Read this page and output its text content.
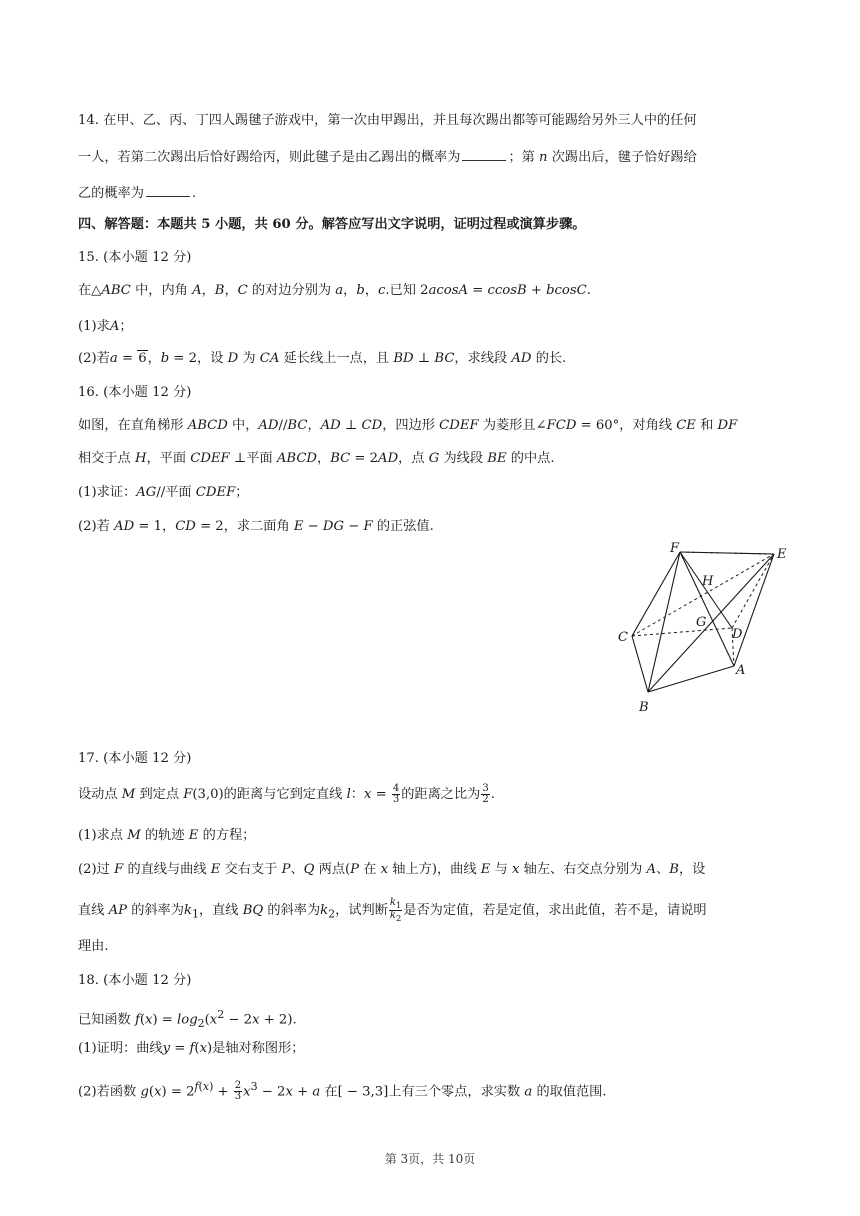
14. 在甲、乙、丙、丁四人踢毽子游戏中，第一次由甲踢出，并且每次踢出都等可能踢给另外三人中的任何
一人，若第二次踢出后恰好踢给丙，则此毽子是由乙踢出的概率为	；第 n 次踢出后，毽子恰好踢给
乙的概率为	.
四、解答题：本题共 5 小题，共 60 分。解答应写出文字说明，证明过程或演算步骤。
15. (本小题 12 分)
在△ABC 中，内角 A，B，C 的对边分别为 a，b，c.已知 2acosA = ccosB + bcosC.
(1)求A；
(2)若a = 6，b = 2，设 D 为 CA 延长线上一点，且 BD ⊥ BC，求线段 AD 的长.
16. (本小题 12 分)
如图，在直角梯形 ABCD 中，AD//BC，AD ⊥ CD，四边形 CDEF 为菱形且∠FCD = 60°，对角线 CE 和 DF
相交于点 H，平面 CDEF ⊥平面 ABCD，BC = 2AD，点 G 为线段 BE 的中点.
(1)求证：AG//平面 CDEF；
(2)若 AD = 1，CD = 2，求二面角 E − DG − F 的正弦值.
F	E
H
G
C	D
A
B
17. (本小题 12 分)
设动点 M 到定点 F(3,0)的距离与它到定直线 l：$x = \frac{4}{3}$ 的距离之比为 $\frac{3}{2}$ .
(1)求点 M 的轨迹 E 的方程；
(2)过 F 的直线与曲线 E 交右支于 P、Q 两点(P 在 x 轴上方)，曲线 E 与 x 轴左、右交点分别为 A、B，设
直线 AP 的斜率为$k_1$，直线 BQ 的斜率为$k_2$，试判断 $\frac{k_1}{k_2}$ 是否为定值，若是定值，求出此值，若不是，请说明
理由.
18. (本小题 12 分)
已知函数 $f(x) = \log_2(x^2 - 2x + 2)$.
(1)证明：曲线y = f(x)是轴对称图形；
(2)若函数 $g(x) = 2^{f(x)} + \frac{2}{3} x^3 - 2x + a$ 在[ − 3,3]上有三个零点，求实数 a 的取值范围.
第 3页，共 10页
